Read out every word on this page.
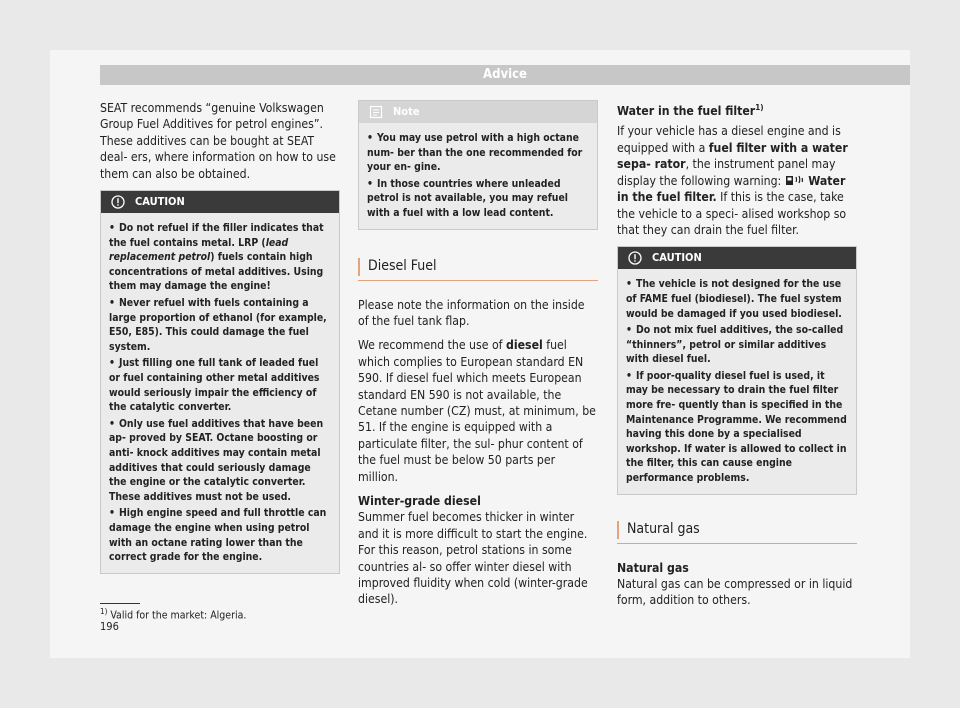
Advice

SEAT recommends “genuine Volkswagen Group Fuel Additives for petrol engines”. These additives can be bought at SEAT deal- ers, where information on how to use them can also be obtained.

CAUTION
• Do not refuel if the filler indicates that the fuel contains metal. LRP (lead replacement petrol) fuels contain high concentrations of metal additives. Using them may damage the engine!
• Never refuel with fuels containing a large proportion of ethanol (for example, E50, E85). This could damage the fuel system.
• Just filling one full tank of leaded fuel or fuel containing other metal additives would seriously impair the efficiency of the catalytic converter.
• Only use fuel additives that have been ap- proved by SEAT. Octane boosting or anti- knock additives may contain metal additives that could seriously damage the engine or the catalytic converter. These additives must not be used.
• High engine speed and full throttle can damage the engine when using petrol with an octane rating lower than the correct grade for the engine.
Note
• You may use petrol with a high octane num- ber than the one recommended for your en- gine.
• In those countries where unleaded petrol is not available, you may refuel with a fuel with a low lead content.
Diesel Fuel

Please note the information on the inside of the fuel tank flap.

We recommend the use of diesel fuel which complies to European standard EN 590. If diesel fuel which meets European standard EN 590 is not available, the Cetane number (CZ) must, at minimum, be 51. If the engine is equipped with a particulate filter, the sul- phur content of the fuel must be below 50 parts per million.

Winter-grade diesel

Summer fuel becomes thicker in winter and it is more difficult to start the engine. For this reason, petrol stations in some countries al- so offer winter diesel with improved fluidity when cold (winter-grade diesel).

Water in the fuel filter$^{1)}$

If your vehicle has a diesel engine and is equipped with a fuel filter with a water sepa- rator, the instrument panel may display the following warning:  Water in the fuel filter. If this is the case, take the vehicle to a speci- alised workshop so that they can drain the fuel filter.

CAUTION
• The vehicle is not designed for the use of FAME fuel (biodiesel). The fuel system would be damaged if you used biodiesel.
• Do not mix fuel additives, the so-called “thinners”, petrol or similar additives with diesel fuel.
• If poor-quality diesel fuel is used, it may be necessary to drain the fuel filter more fre- quently than is specified in the Maintenance Programme. We recommend having this done by a specialised workshop. If water is allowed to collect in the filter, this can cause engine performance problems.
Natural gas

Natural gas

Natural gas can be compressed or in liquid form, addition to others.

$^{1)}$ Valid for the market: Algeria.
196
